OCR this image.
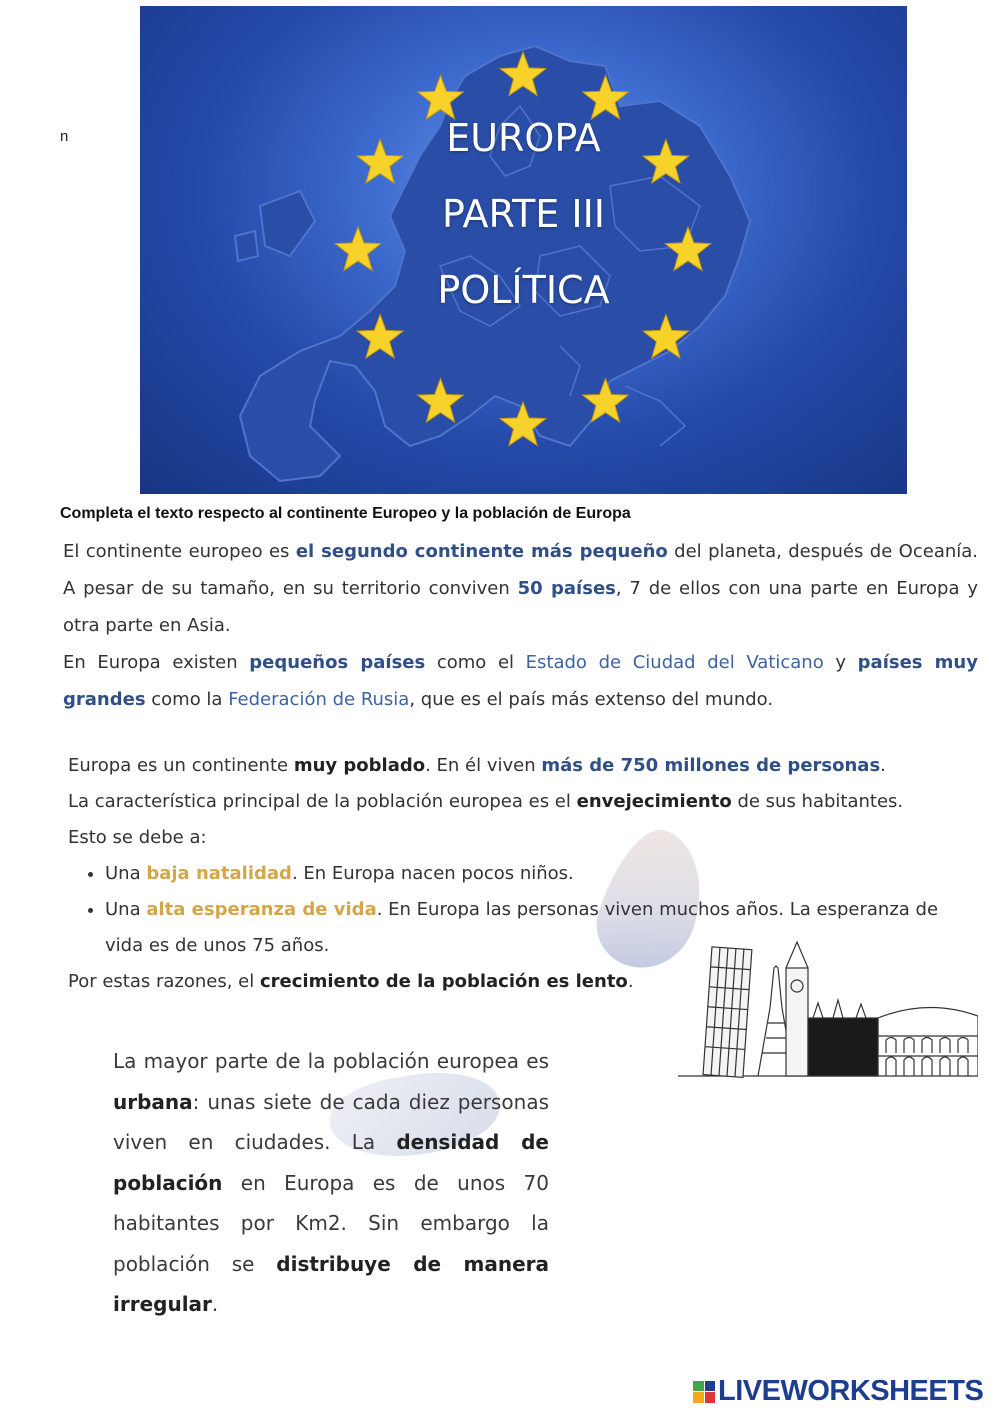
n	EUROPA
PARTE III
POLÍTICA
Completa el texto respecto al continente Europeo y la población de Europa
El continente europeo es el segundo continente más pequeño del planeta, después de Oceanía. A pesar de su tamaño, en su territorio conviven 50 países, 7 de ellos con una parte en Europa y otra parte en Asia.
En Europa existen pequeños países como el Estado de Ciudad del Vaticano y países muy grandes como la Federación de Rusia, que es el país más extenso del mundo.
Europa es un continente muy poblado. En él viven más de 750 millones de personas.
La característica principal de la población europea es el envejecimiento de sus habitantes.
Esto se debe a:
• Una baja natalidad. En Europa nacen pocos niños.
• Una alta esperanza de vida. En Europa las personas viven muchos años. La esperanza de vida es de unos 75 años.
Por estas razones, el crecimiento de la población es lento.
La mayor parte de la población europea es urbana: unas siete de cada diez personas viven en ciudades. La densidad de población en Europa es de unos 70 habitantes por Km2. Sin embargo la población se distribuye de manera irregular.
LIVEWORKSHEETS
